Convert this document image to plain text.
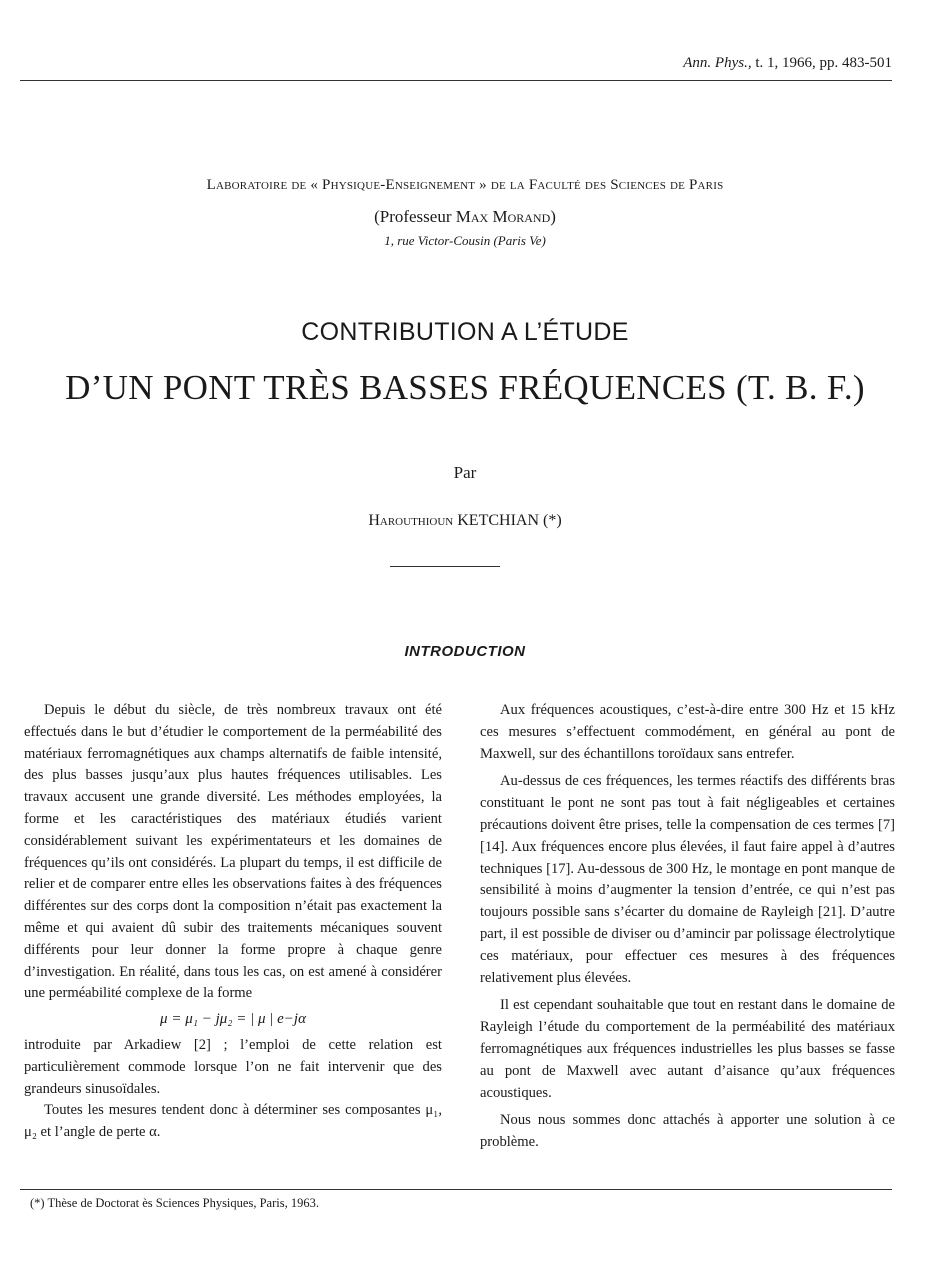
Ann. Phys., t. 1, 1966, pp. 483-501
Laboratoire de « Physique-Enseignement » de la Faculté des Sciences de Paris
(Professeur Max Morand)
1, rue Victor-Cousin (Paris Ve)
CONTRIBUTION A L’ÉTUDE
D’UN PONT TRÈS BASSES FRÉQUENCES (T. B. F.)
Par
Harouthioun KETCHIAN (*)
INTRODUCTION

Depuis le début du siècle, de très nombreux travaux ont été effectués dans le but d’étudier le comportement de la perméabilité des matériaux ferromagnétiques aux champs alternatifs de faible intensité, des plus basses jusqu’aux plus hautes fréquences utilisables. Les travaux accusent une grande diversité. Les méthodes employées, la forme et les caractéristiques des matériaux étudiés varient considérablement suivant les expérimentateurs et les domaines de fréquences qu’ils ont considérés. La plupart du temps, il est difficile de relier et de comparer entre elles les observations faites à des fréquences différentes sur des corps dont la composition n’était pas exactement la même et qui avaient dû subir des traitements mécaniques souvent différents pour leur donner la forme propre à chaque genre d’investigation. En réalité, dans tous les cas, on est amené à considérer une perméabilité complexe de la forme

μ = μ₁ − jμ₂ = | μ | e−jα

introduite par Arkadiew [2] ; l’emploi de cette relation est particulièrement commode lorsque l’on ne fait intervenir que des grandeurs sinusoïdales.

Toutes les mesures tendent donc à déterminer ses composantes μ₁, μ₂ et l’angle de perte α.

Aux fréquences acoustiques, c’est-à-dire entre 300 Hz et 15 kHz ces mesures s’effectuent commodément, en général au pont de Maxwell, sur des échantillons toroïdaux sans entrefer.

Au-dessus de ces fréquences, les termes réactifs des différents bras constituant le pont ne sont pas tout à fait négligeables et certaines précautions doivent être prises, telle la compensation de ces termes [7] [14]. Aux fréquences encore plus élevées, il faut faire appel à d’autres techniques [17]. Au-dessous de 300 Hz, le montage en pont manque de sensibilité à moins d’augmenter la tension d’entrée, ce qui n’est pas toujours possible sans s’écarter du domaine de Rayleigh [21]. D’autre part, il est possible de diviser ou d’amincir par polissage électrolytique ces matériaux, pour effectuer ces mesures à des fréquences relativement plus élevées.

Il est cependant souhaitable que tout en restant dans le domaine de Rayleigh l’étude du comportement de la perméabilité des matériaux ferromagnétiques aux fréquences industrielles les plus basses se fasse au pont de Maxwell avec autant d’aisance qu’aux fréquences acoustiques.

Nous nous sommes donc attachés à apporter une solution à ce problème.

(*) Thèse de Doctorat ès Sciences Physiques, Paris, 1963.
